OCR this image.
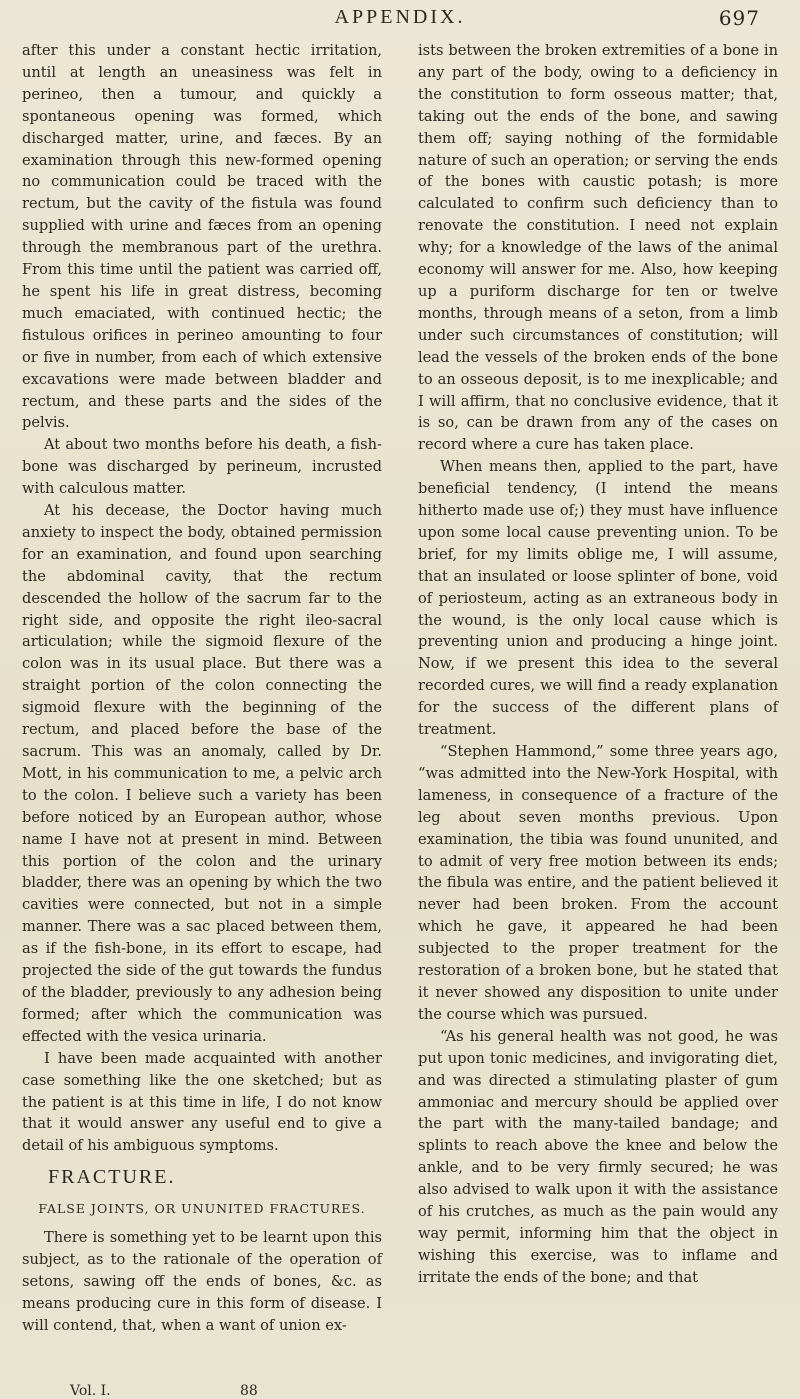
APPENDIX.	697

after this under a constant hectic irritation, until at length an uneasiness was felt in perineo, then a tumour, and quickly a spontaneous opening was formed, which discharged matter, urine, and fæces. By an examination through this new-formed opening no communication could be traced with the rectum, but the cavity of the fistula was found supplied with urine and fæces from an opening through the membranous part of the urethra. From this time until the patient was carried off, he spent his life in great distress, becoming much emaciated, with continued hectic; the fistulous orifices in perineo amounting to four or five in number, from each of which extensive excavations were made between bladder and rectum, and these parts and the sides of the pelvis.

At about two months before his death, a fish-bone was discharged by perineum, incrusted with calculous matter.

At his decease, the Doctor having much anxiety to inspect the body, obtained permission for an examination, and found upon searching the abdominal cavity, that the rectum descended the hollow of the sacrum far to the right side, and opposite the right ileo-sacral articulation; while the sigmoid flexure of the colon was in its usual place. But there was a straight portion of the colon connecting the sigmoid flexure with the beginning of the rectum, and placed before the base of the sacrum. This was an anomaly, called by Dr. Mott, in his communication to me, a pelvic arch to the colon. I believe such a variety has been before noticed by an European author, whose name I have not at present in mind. Between this portion of the colon and the urinary bladder, there was an opening by which the two cavities were connected, but not in a simple manner. There was a sac placed between them, as if the fish-bone, in its effort to escape, had projected the side of the gut towards the fundus of the bladder, previously to any adhesion being formed; after which the communication was effected with the vesica urinaria.

I have been made acquainted with another case something like the one sketched; but as the patient is at this time in life, I do not know that it would answer any useful end to give a detail of his ambiguous symptoms.

FRACTURE.
FALSE JOINTS, OR UNUNITED FRACTURES.

There is something yet to be learnt upon this subject, as to the rationale of the operation of setons, sawing off the ends of bones, &c. as means producing cure in this form of disease. I will contend, that, when a want of union ex-

ists between the broken extremities of a bone in any part of the body, owing to a deficiency in the constitution to form osseous matter; that, taking out the ends of the bone, and sawing them off; saying nothing of the formidable nature of such an operation; or serving the ends of the bones with caustic potash; is more calculated to confirm such deficiency than to renovate the constitution. I need not explain why; for a knowledge of the laws of the animal economy will answer for me. Also, how keeping up a puriform discharge for ten or twelve months, through means of a seton, from a limb under such circumstances of constitution; will lead the vessels of the broken ends of the bone to an osseous deposit, is to me inexplicable; and I will affirm, that no conclusive evidence, that it is so, can be drawn from any of the cases on record where a cure has taken place.

When means then, applied to the part, have beneficial tendency, (I intend the means hitherto made use of;) they must have influence upon some local cause preventing union. To be brief, for my limits oblige me, I will assume, that an insulated or loose splinter of bone, void of periosteum, acting as an extraneous body in the wound, is the only local cause which is preventing union and producing a hinge joint. Now, if we present this idea to the several recorded cures, we will find a ready explanation for the success of the different plans of treatment.

“Stephen Hammond,” some three years ago, “was admitted into the New-York Hospital, with lameness, in consequence of a fracture of the leg about seven months previous. Upon examination, the tibia was found ununited, and to admit of very free motion between its ends; the fibula was entire, and the patient believed it never had been broken. From the account which he gave, it appeared he had been subjected to the proper treatment for the restoration of a broken bone, but he stated that it never showed any disposition to unite under the course which was pursued.

“As his general health was not good, he was put upon tonic medicines, and invigorating diet, and was directed a stimulating plaster of gum ammoniac and mercury should be applied over the part with the many-tailed bandage; and splints to reach above the knee and below the ankle, and to be very firmly secured; he was also advised to walk upon it with the assistance of his crutches, as much as the pain would any way permit, informing him that the object in wishing this exercise, was to inflame and irritate the ends of the bone; and that

Vol. I.	88
